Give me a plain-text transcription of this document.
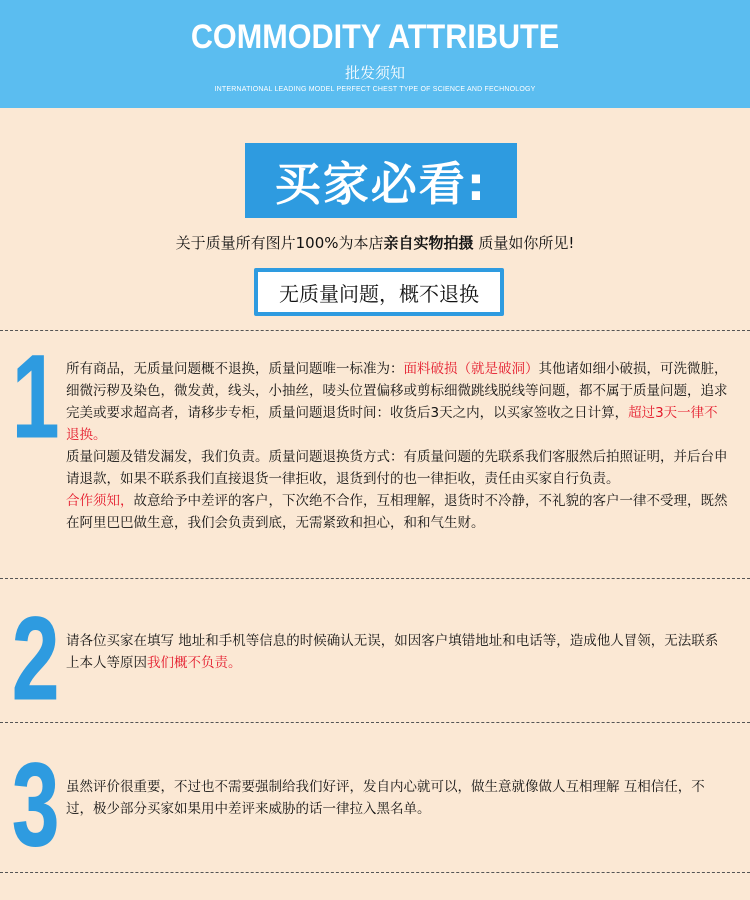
COMMODITY ATTRIBUTE
批发须知
INTERNATIONAL LEADING MODEL PERFECT CHEST TYPE OF SCIENCE AND FECHNOLOGY
买家必看:
关于质量所有图片100%为本店亲自实物拍摄 质量如你所见!
无质量问题，概不退换
1 所有商品，无质量问题概不退换，质量问题唯一标准为：面料破损（就是破洞）其他诸如细小破损，可洗微脏，细微污秽及染色，微发黄，线头，小抽丝，唛头位置偏移或剪标细微跳线脱线等问题，都不属于质量问题，追求完美或要求超高者，请移步专柜，质量问题退货时间：收货后3天之内，以买家签收之日计算，超过3天一律不退换。

质量问题及错发漏发，我们负责。质量问题退换货方式：有质量问题的先联系我们客服然后拍照证明，并后台申请退款，如果不联系我们直接退货一律拒收，退货到付的也一律拒收，责任由买家自行负责。

合作须知，故意给予中差评的客户，下次绝不合作，互相理解，退货时不冷静，不礼貌的客户一律不受理，既然在阿里巴巴做生意，我们会负责到底，无需紧致和担心，和和气生财。

2 请各位买家在填写 地址和手机等信息的时候确认无误，如因客户填错地址和电话等，造成他人冒领，无法联系上本人等原因我们概不负责。

3 虽然评价很重要，不过也不需要强制给我们好评，发自内心就可以，做生意就像做人互相理解 互相信任，不过，极少部分买家如果用中差评来威胁的话一律拉入黑名单。
